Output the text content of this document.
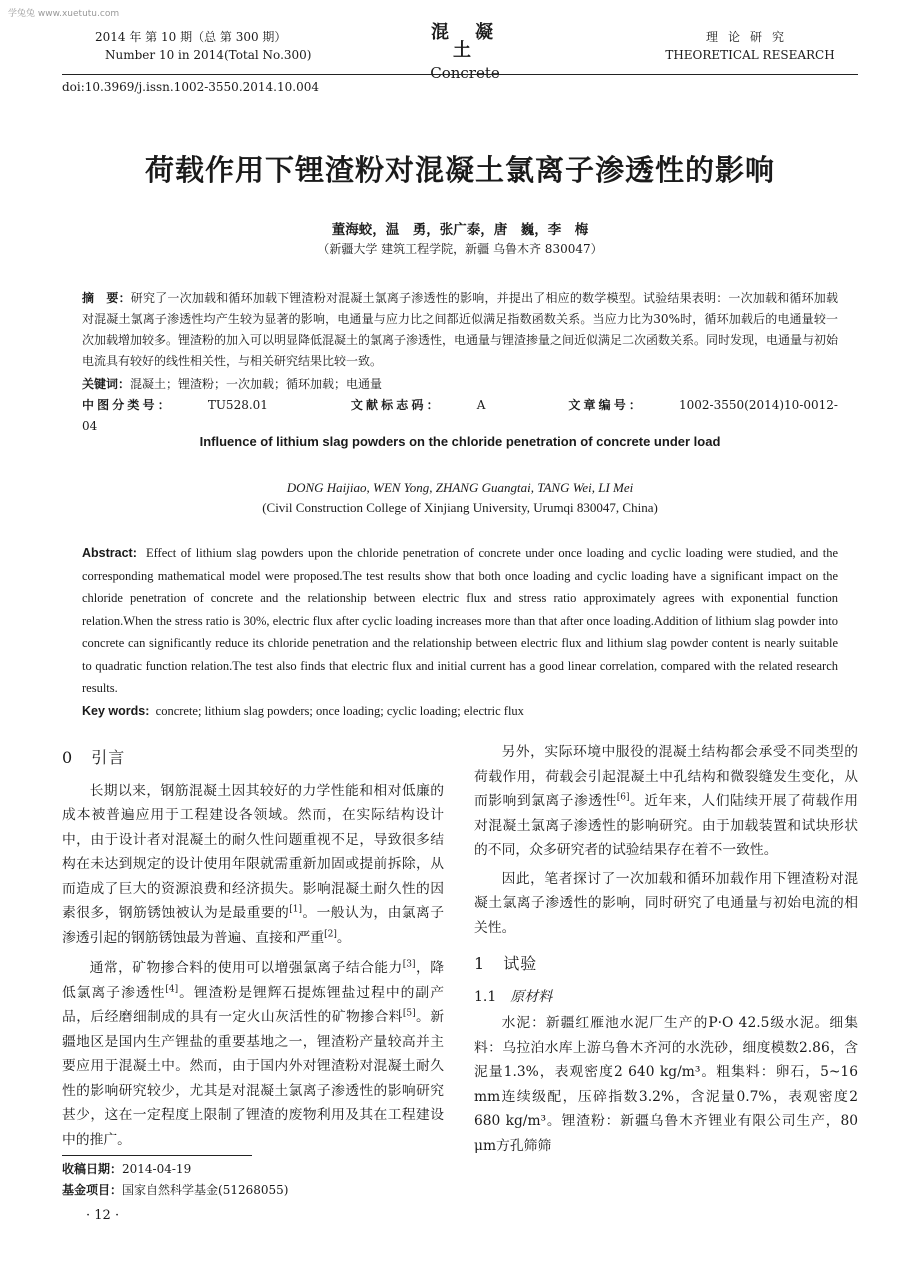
学兔兔 www.xuetutu.com
2014 年 第 10 期（总 第 300 期）
Number 10 in 2014(Total No.300)
混凝土
Concrete
理论研究
THEORETICAL RESEARCH
doi:10.3969/j.issn.1002-3550.2014.10.004
荷载作用下锂渣粉对混凝土氯离子渗透性的影响
董海蛟，温　勇，张广泰，唐　巍，李　梅
（新疆大学 建筑工程学院，新疆 乌鲁木齐 830047）
摘　要：研究了一次加载和循环加载下锂渣粉对混凝土氯离子渗透性的影响，并提出了相应的数学模型。试验结果表明：一次加载和循环加载对混凝土氯离子渗透性均产生较为显著的影响，电通量与应力比之间都近似满足指数函数关系。当应力比为30%时，循环加载后的电通量较一次加载增加较多。锂渣粉的加入可以明显降低混凝土的氯离子渗透性，电通量与锂渣掺量之间近似满足二次函数关系。同时发现，电通量与初始电流具有较好的线性相关性，与相关研究结果比较一致。
关键词：混凝土；锂渣粉；一次加载；循环加载；电通量
中图分类号：	TU528.01	文献标志码：	A	文章编号：	1002-3550(2014)10-0012-04
Influence of lithium slag powders on the chloride penetration of concrete under load
DONG Haijiao, WEN Yong, ZHANG Guangtai, TANG Wei, LI Mei
(Civil Construction College of Xinjiang University, Urumqi 830047, China)
Abstract: Effect of lithium slag powders upon the chloride penetration of concrete under once loading and cyclic loading were studied, and the corresponding mathematical model were proposed.The test results show that both once loading and cyclic loading have a significant impact on the chloride penetration of concrete and the relationship between electric flux and stress ratio approximately agrees with exponential function relation.When the stress ratio is 30%, electric flux after cyclic loading increases more than that after once loading.Addition of lithium slag powder into concrete can significantly reduce its chloride penetration and the relationship between electric flux and lithium slag powder content is nearly suitable to quadratic function relation.The test also finds that electric flux and initial current has a good linear correlation, compared with the related research results.
Key words: concrete; lithium slag powders; once loading; cyclic loading; electric flux
0 引言

长期以来，钢筋混凝土因其较好的力学性能和相对低廉的成本被普遍应用于工程建设各领域。然而，在实际结构设计中，由于设计者对混凝土的耐久性问题重视不足，导致很多结构在未达到规定的设计使用年限就需重新加固或提前拆除，从而造成了巨大的资源浪费和经济损失。影响混凝土耐久性的因素很多，钢筋锈蚀被认为是最重要的[1]。一般认为，由氯离子渗透引起的钢筋锈蚀最为普遍、直接和严重[2]。

通常，矿物掺合料的使用可以增强氯离子结合能力[3]，降低氯离子渗透性[4]。锂渣粉是锂辉石提炼锂盐过程中的副产品，后经磨细制成的具有一定火山灰活性的矿物掺合料[5]。新疆地区是国内生产锂盐的重要基地之一，锂渣粉产量较高并主要应用于混凝土中。然而，由于国内外对锂渣粉对混凝土耐久性的影响研究较少，尤其是对混凝土氯离子渗透性的影响研究甚少，这在一定程度上限制了锂渣的废物利用及其在工程建设中的推广。

另外，实际环境中服役的混凝土结构都会承受不同类型的荷载作用，荷载会引起混凝土中孔结构和微裂缝发生变化，从而影响到氯离子渗透性[6]。近年来，人们陆续开展了荷载作用对混凝土氯离子渗透性的影响研究。由于加载装置和试块形状的不同，众多研究者的试验结果存在着不一致性。

因此，笔者探讨了一次加载和循环加载作用下锂渣粉对混凝土氯离子渗透性的影响，同时研究了电通量与初始电流的相关性。

1 试验
1.1 原材料

水泥：新疆红雁池水泥厂生产的P·O 42.5级水泥。细集料：乌拉泊水库上游乌鲁木齐河的水洗砂，细度模数2.86，含泥量1.3%，表观密度2 640 kg/m³。粗集料：卵石，5~16 mm连续级配，压碎指数3.2%，含泥量0.7%，表观密度2 680 kg/m³。锂渣粉：新疆乌鲁木齐锂业有限公司生产，80 μm方孔筛筛

收稿日期：2014-04-19
基金项目：国家自然科学基金(51268055)
· 12 ·
